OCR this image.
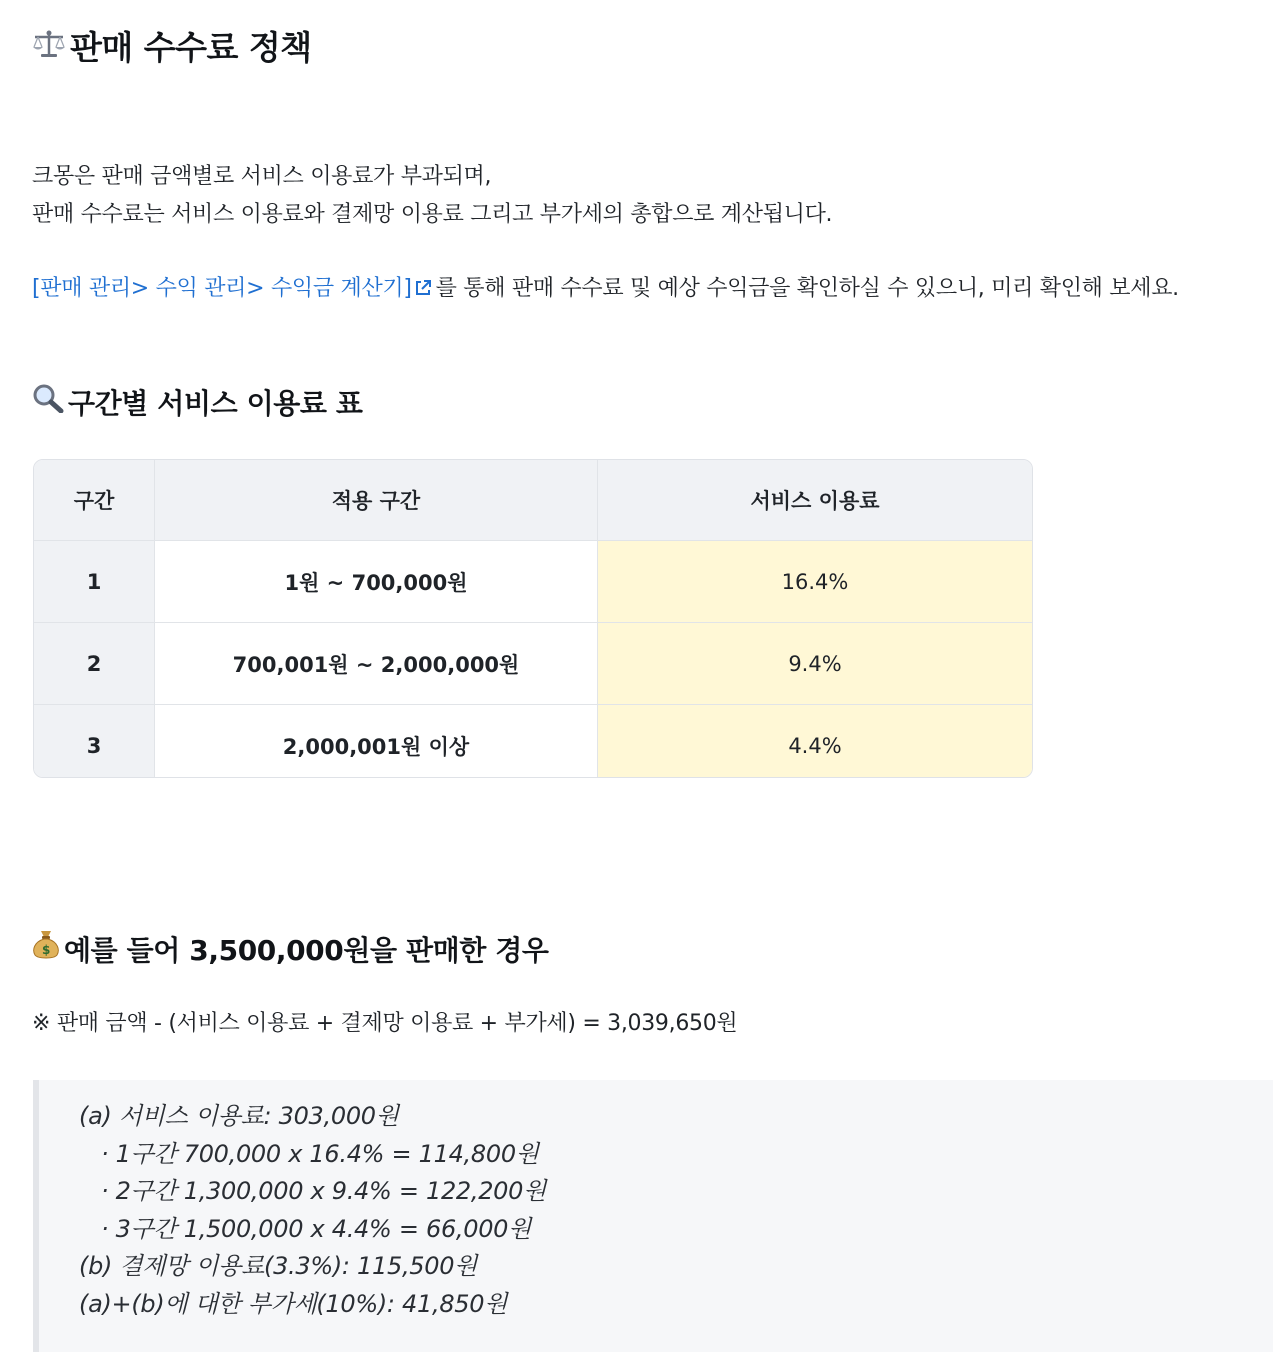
판매 수수료 정책
크몽은 판매 금액별로 서비스 이용료가 부과되며,
판매 수수료는 서비스 이용료와 결제망 이용료 그리고 부가세의 총합으로 계산됩니다.
[판매 관리> 수익 관리> 수익금 계산기] 를 통해 판매 수수료 및 예상 수익금을 확인하실 수 있으니, 미리 확인해 보세요.
구간별 서비스 이용료 표
구간	적용 구간	서비스 이용료
1	1원 ~ 700,000원	16.4%
2	700,001원 ~ 2,000,000원	9.4%
3	2,000,001원 이상	4.4%
$ 예를 들어 3,500,000원을 판매한 경우
※ 판매 금액 - (서비스 이용료 + 결제망 이용료 + 부가세) = 3,039,650원
(a) 서비스 이용료: 303,000원
· 1구간 700,000 x 16.4% = 114,800원
· 2구간 1,300,000 x 9.4% = 122,200원
· 3구간 1,500,000 x 4.4% = 66,000원
(b) 결제망 이용료(3.3%): 115,500원
(a)+(b)에 대한 부가세(10%): 41,850원
